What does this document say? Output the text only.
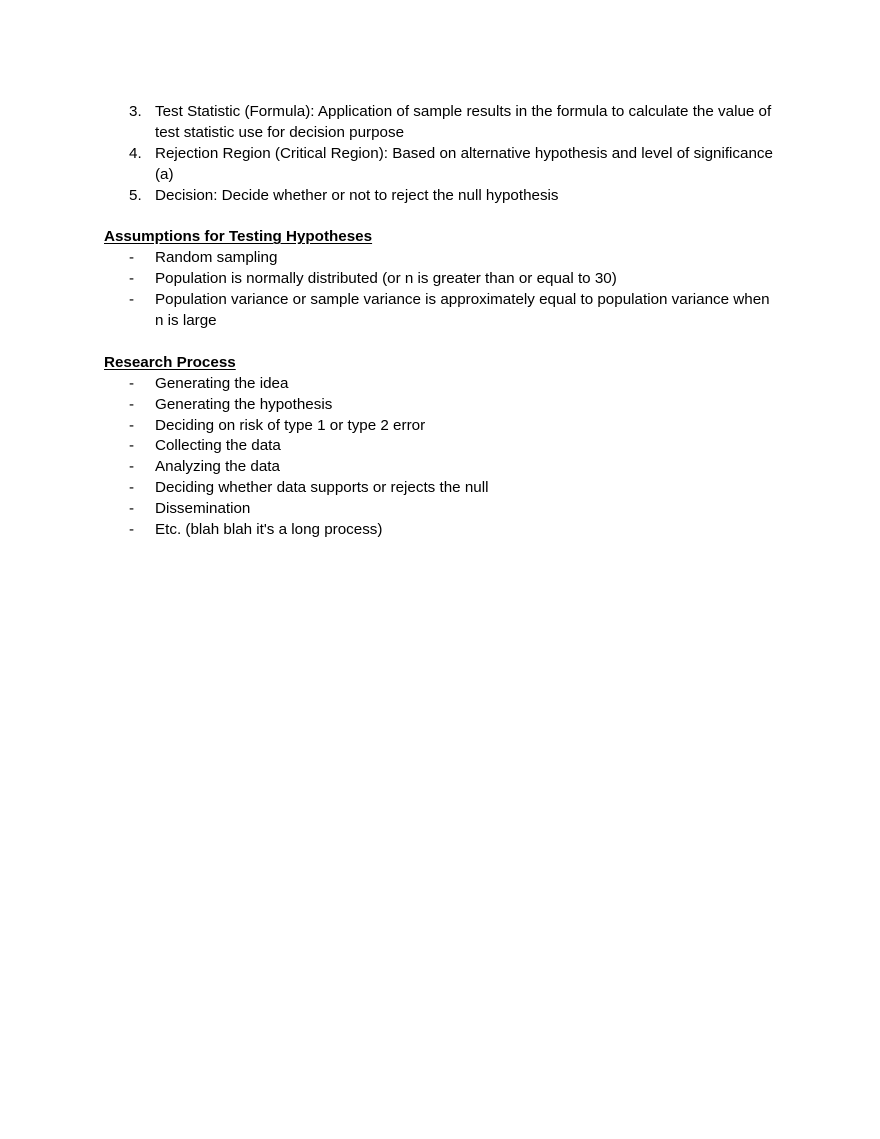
3. Test Statistic (Formula): Application of sample results in the formula to calculate the value of test statistic use for decision purpose
4. Rejection Region (Critical Region): Based on alternative hypothesis and level of significance (a)
5. Decision: Decide whether or not to reject the null hypothesis
Assumptions for Testing Hypotheses
- Random sampling
- Population is normally distributed (or n is greater than or equal to 30)
- Population variance or sample variance is approximately equal to population variance when n is large
Research Process
- Generating the idea
- Generating the hypothesis
- Deciding on risk of type 1 or type 2 error
- Collecting the data
- Analyzing the data
- Deciding whether data supports or rejects the null
- Dissemination
- Etc. (blah blah it's a long process)
